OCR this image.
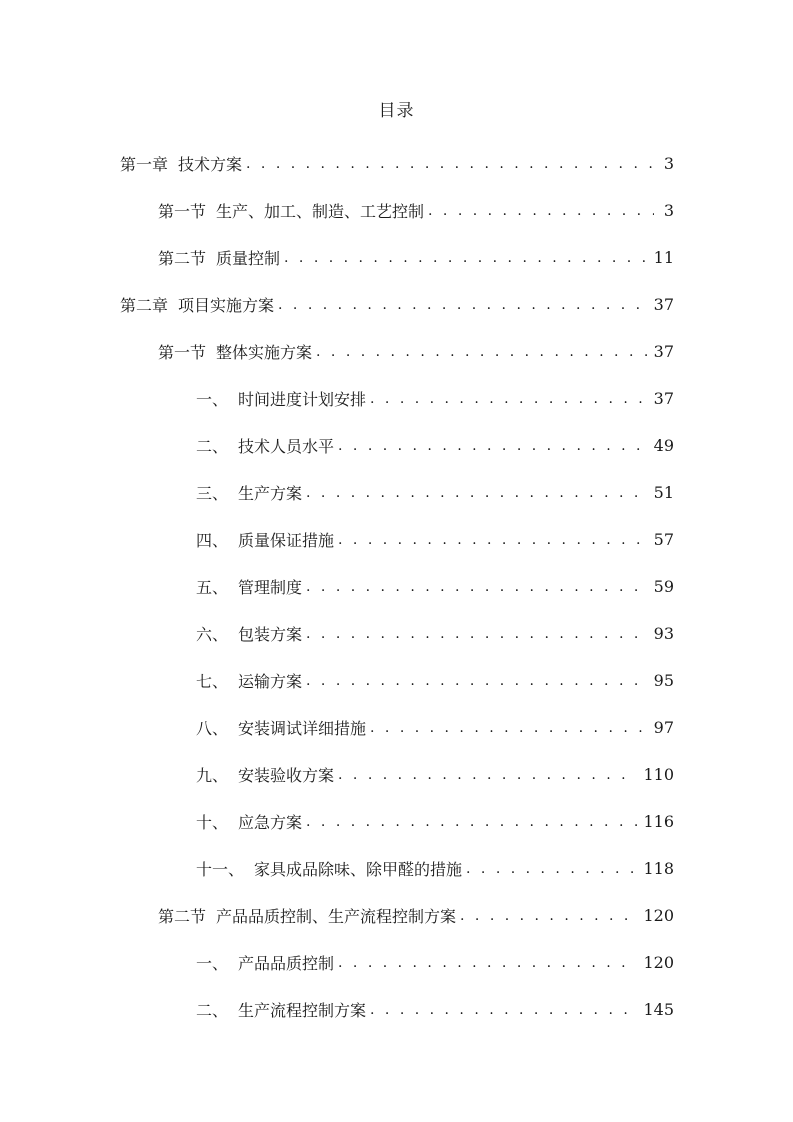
目录
第一章 技术方案 . . .	3
第一节 生产、加工、制造、工艺控制 . . .	3
第二节 质量控制 . . .	11
第二章 项目实施方案 . . .	37
第一节 整体实施方案 . . .	37
一、 时间进度计划安排 . . .	37
二、 技术人员水平 . . .	49
三、 生产方案 . . .	51
四、 质量保证措施 . . .	57
五、 管理制度 . . .	59
六、 包装方案 . . .	93
七、 运输方案 . . .	95
八、 安装调试详细措施 . . .	97
九、 安装验收方案 . . .	110
十、 应急方案 . . .	116
十一、 家具成品除味、除甲醛的措施 . . .	118
第二节 产品品质控制、生产流程控制方案 . . .	120
一、 产品品质控制 . . .	120
二、 生产流程控制方案 . . .	145
